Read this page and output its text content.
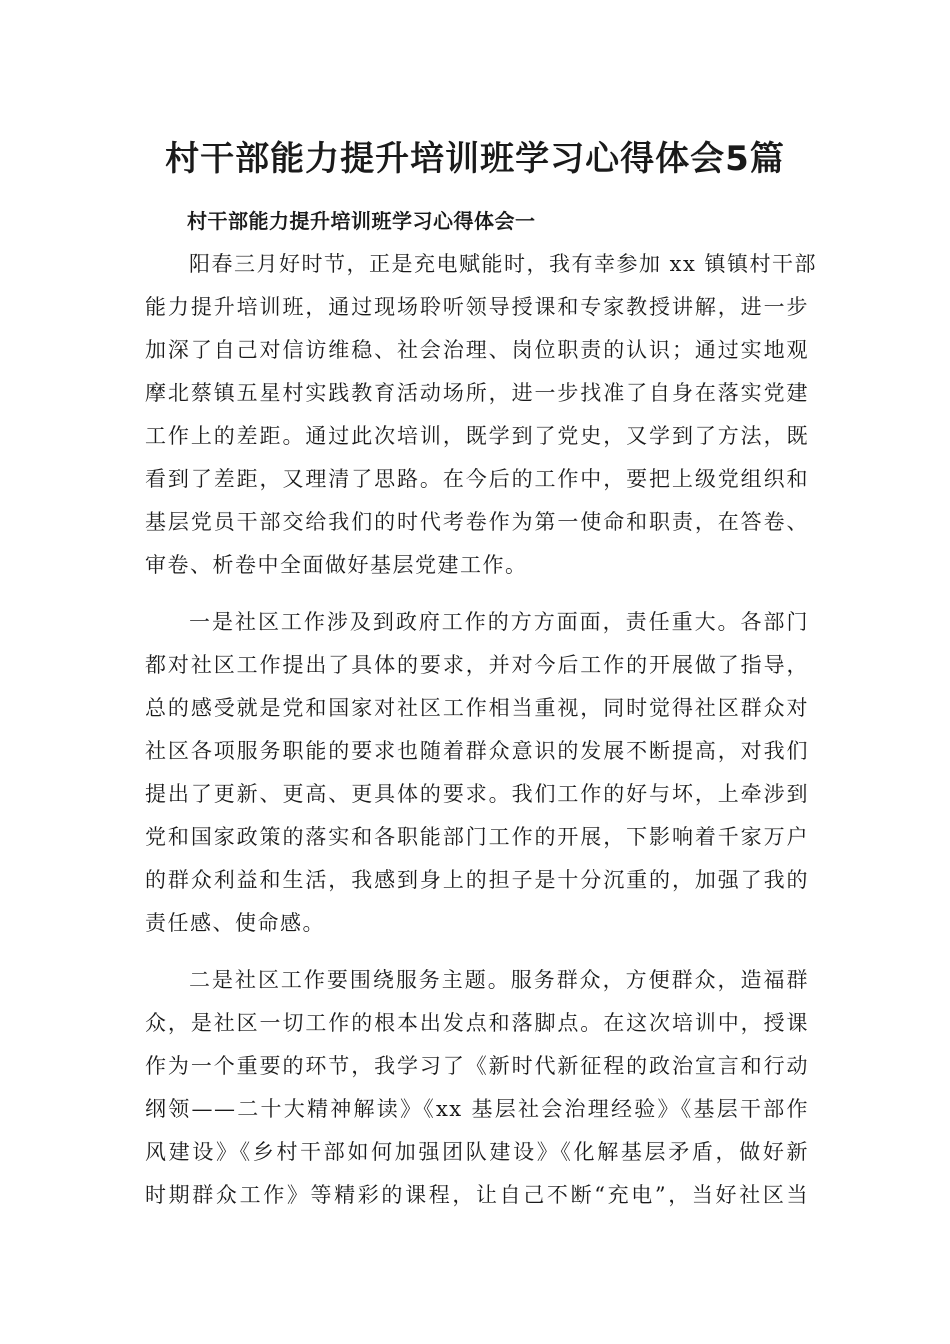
村干部能力提升培训班学习心得体会5篇
村干部能力提升培训班学习心得体会一
阳春三月好时节，正是充电赋能时，我有幸参加 xx 镇镇村干部
能力提升培训班，通过现场聆听领导授课和专家教授讲解，进一步
加深了自己对信访维稳、社会治理、岗位职责的认识；通过实地观
摩北蔡镇五星村实践教育活动场所，进一步找准了自身在落实党建
工作上的差距。通过此次培训，既学到了党史，又学到了方法，既
看到了差距，又理清了思路。在今后的工作中，要把上级党组织和
基层党员干部交给我们的时代考卷作为第一使命和职责，在答卷、
审卷、析卷中全面做好基层党建工作。
一是社区工作涉及到政府工作的方方面面，责任重大。各部门
都对社区工作提出了具体的要求，并对今后工作的开展做了指导，
总的感受就是党和国家对社区工作相当重视，同时觉得社区群众对
社区各项服务职能的要求也随着群众意识的发展不断提高，对我们
提出了更新、更高、更具体的要求。我们工作的好与坏，上牵涉到
党和国家政策的落实和各职能部门工作的开展，下影响着千家万户
的群众利益和生活，我感到身上的担子是十分沉重的，加强了我的
责任感、使命感。
二是社区工作要围绕服务主题。服务群众，方便群众，造福群
众，是社区一切工作的根本出发点和落脚点。在这次培训中，授课
作为一个重要的环节，我学习了《新时代新征程的政治宣言和行动
纲领——二十大精神解读》《xx 基层社会治理经验》《基层干部作
风建设》《乡村干部如何加强团队建设》《化解基层矛盾，做好新
时期群众工作》等精彩的课程，让自己不断“充电”，当好社区当
